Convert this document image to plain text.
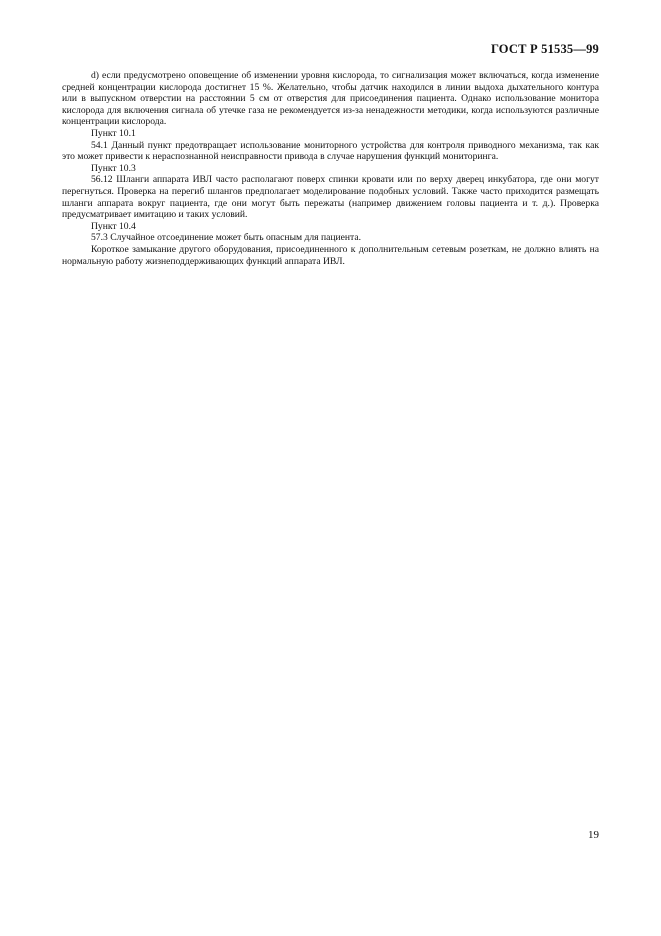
ГОСТ Р 51535—99

d) если предусмотрено оповещение об изменении уровня кислорода, то сигнализация может включаться, когда изменение средней концентрации кислорода достигнет 15 %. Желательно, чтобы датчик находился в линии выдоха дыхательного контура или в выпускном отверстии на расстоянии 5 см от отверстия для присоединения пациента. Однако использование монитора кислорода для включения сигнала об утечке газа не рекомендуется из-за ненадежности методики, когда используются различные концентрации кислорода.

Пункт 10.1

54.1 Данный пункт предотвращает использование мониторного устройства для контроля приводного механизма, так как это может привести к нераспознанной неисправности привода в случае нарушения функций мониторинга.

Пункт 10.3

56.12 Шланги аппарата ИВЛ часто располагают поверх спинки кровати или по верху дверец инкубатора, где они могут перегнуться. Проверка на перегиб шлангов предполагает моделирование подобных условий. Также часто приходится размещать шланги аппарата вокруг пациента, где они могут быть пережаты (например движением головы пациента и т. д.). Проверка предусматривает имитацию и таких условий.

Пункт 10.4

57.3 Случайное отсоединение может быть опасным для пациента.

Короткое замыкание другого оборудования, присоединенного к дополнительным сетевым розеткам, не должно влиять на нормальную работу жизнеподдерживающих функций аппарата ИВЛ.

19
